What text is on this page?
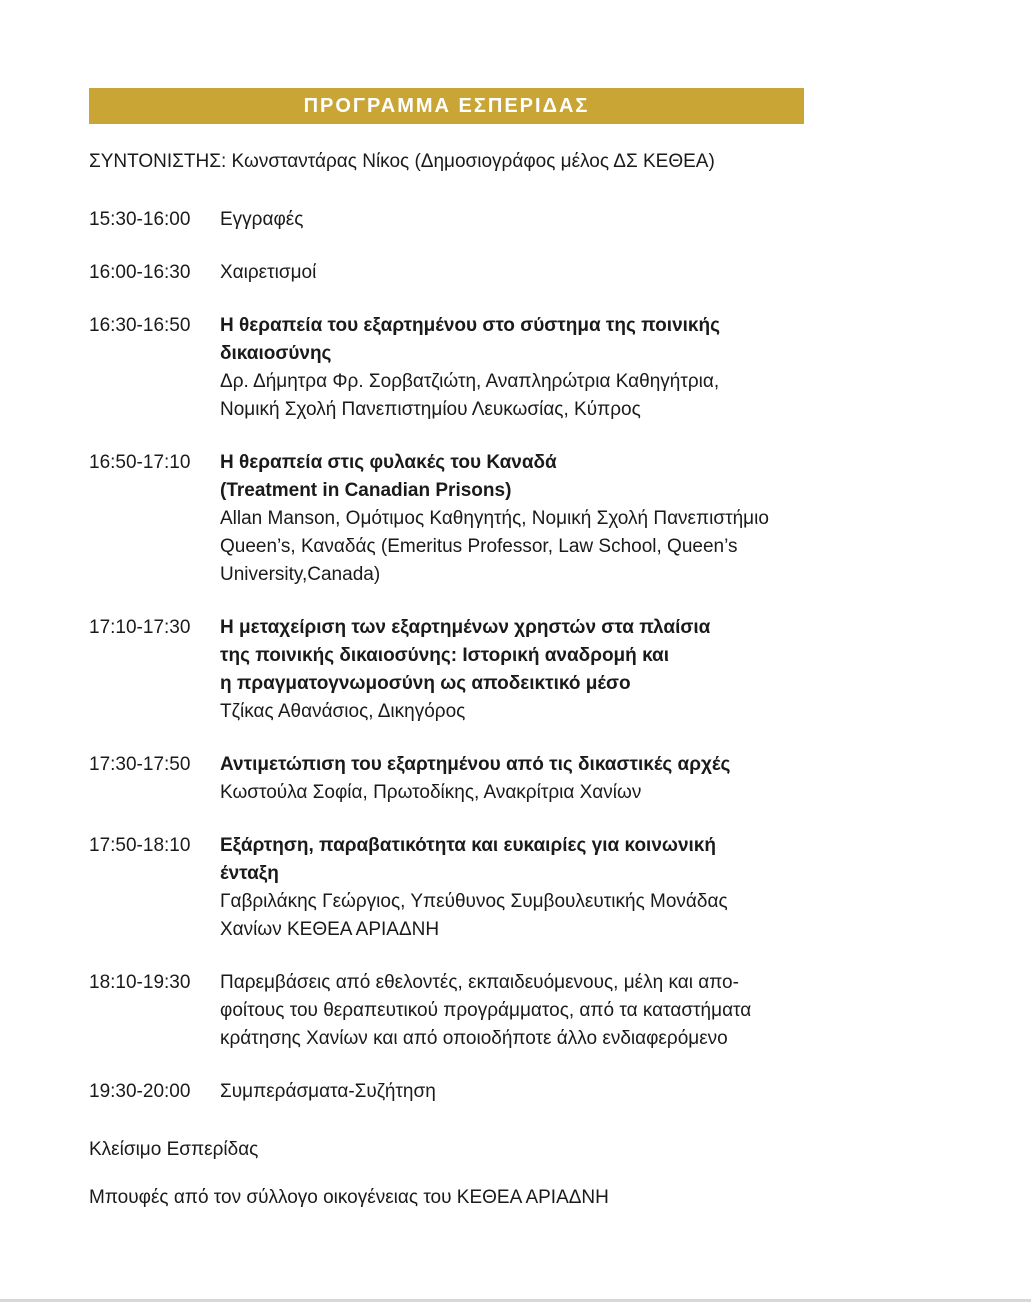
ΠΡΟΓΡΑΜΜΑ ΕΣΠΕΡΙΔΑΣ
ΣΥΝΤΟΝΙΣΤΗΣ: Κωνσταντάρας Νίκος (Δημοσιογράφος μέλος ΔΣ ΚΕΘΕΑ)
15:30-16:00	Εγγραφές
16:00-16:30	Χαιρετισμοί
16:30-16:50	Η θεραπεία του εξαρτημένου στο σύστημα της ποινικής
δικαιοσύνης
Δρ. Δήμητρα Φρ. Σορβατζιώτη, Αναπληρώτρια Καθηγήτρια,
Νομική Σχολή Πανεπιστημίου Λευκωσίας, Κύπρος
16:50-17:10	Η θεραπεία στις φυλακές του Καναδά
(Treatment in Canadian Prisons)
Allan Manson, Ομότιμος Καθηγητής, Νομική Σχολή Πανεπιστήμιο
Queen’s, Καναδάς (Emeritus Professor, Law School, Queen’s
University,Canada)
17:10-17:30	Η μεταχείριση των εξαρτημένων χρηστών στα πλαίσια
της ποινικής δικαιοσύνης: Ιστορική αναδρομή και
η πραγματογνωμοσύνη ως αποδεικτικό μέσο
Τζίκας Αθανάσιος, Δικηγόρος
17:30-17:50	Αντιμετώπιση του εξαρτημένου από τις δικαστικές αρχές
Κωστούλα Σοφία, Πρωτοδίκης, Ανακρίτρια Χανίων
17:50-18:10	Εξάρτηση, παραβατικότητα και ευκαιρίες για κοινωνική
ένταξη
Γαβριλάκης Γεώργιος, Υπεύθυνος Συμβουλευτικής Μονάδας
Χανίων ΚΕΘΕΑ ΑΡΙΑΔΝΗ
18:10-19:30	Παρεμβάσεις από εθελοντές, εκπαιδευόμενους, μέλη και απο-
φοίτους του θεραπευτικού προγράμματος, από τα καταστήματα
κράτησης Χανίων και από οποιοδήποτε άλλο ενδιαφερόμενο
19:30-20:00	Συμπεράσματα-Συζήτηση
Κλείσιμο Εσπερίδας
Μπουφές από τον σύλλογο οικογένειας του ΚΕΘΕΑ ΑΡΙΑΔΝΗ
